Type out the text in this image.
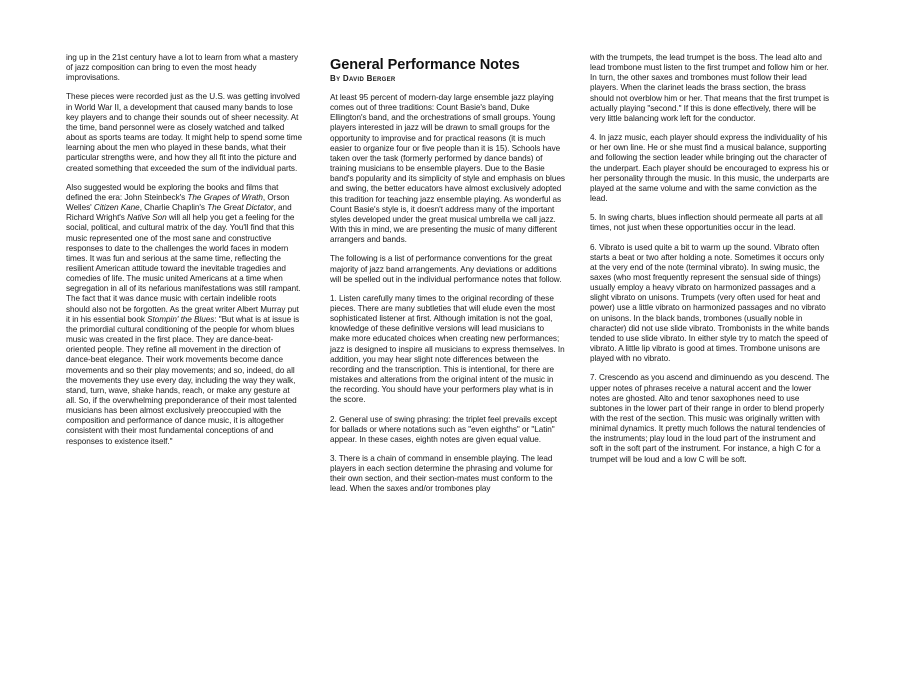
ing up in the 21st century have a lot to learn from what a mastery of jazz composition can bring to even the most heady improvisations.

These pieces were recorded just as the U.S. was getting involved in World War II, a development that caused many bands to lose key players and to change their sounds out of sheer necessity. At the time, band personnel were as closely watched and talked about as sports teams are today. It might help to spend some time learning about the men who played in these bands, what their particular strengths were, and how they all fit into the picture and created something that exceeded the sum of the individual parts.

Also suggested would be exploring the books and films that defined the era: John Steinbeck's The Grapes of Wrath, Orson Welles' Citizen Kane, Charlie Chaplin's The Great Dictator, and Richard Wright's Native Son will all help you get a feeling for the social, political, and cultural matrix of the day. You'll find that this music represented one of the most sane and constructive responses to date to the challenges the world faces in modern times. It was fun and serious at the same time, reflecting the resilient American attitude toward the inevitable tragedies and comedies of life. The music united Americans at a time when segregation in all of its nefarious manifestations was still rampant. The fact that it was dance music with certain indelible roots should also not be forgotten. As the great writer Albert Murray put it in his essential book Stompin' the Blues: "But what is at issue is the primordial cultural conditioning of the people for whom blues music was created in the first place. They are dance-beat-oriented people. They refine all movement in the direction of dance-beat elegance. Their work movements become dance movements and so their play movements; and so, indeed, do all the movements they use every day, including the way they walk, stand, turn, wave, shake hands, reach, or make any gesture at all. So, if the overwhelming preponderance of their most talented musicians has been almost exclusively preoccupied with the composition and performance of dance music, it is altogether consistent with their most fundamental conceptions of and responses to existence itself."

General Performance Notes
By David Berger

At least 95 percent of modern-day large ensemble jazz playing comes out of three traditions: Count Basie's band, Duke Ellington's band, and the orchestrations of small groups. Young players interested in jazz will be drawn to small groups for the opportunity to improvise and for practical reasons (it is much easier to organize four or five people than it is 15). Schools have taken over the task (formerly performed by dance bands) of training musicians to be ensemble players. Due to the Basie band's popularity and its simplicity of style and emphasis on blues and swing, the better educators have almost exclusively adopted this tradition for teaching jazz ensemble playing. As wonderful as Count Basie's style is, it doesn't address many of the important styles developed under the great musical umbrella we call jazz. With this in mind, we are presenting the music of many different arrangers and bands.

The following is a list of performance conventions for the great majority of jazz band arrangements. Any deviations or additions will be spelled out in the individual performance notes that follow.

1. Listen carefully many times to the original recording of these pieces. There are many subtleties that will elude even the most sophisticated listener at first. Although imitation is not the goal, knowledge of these definitive versions will lead musicians to make more educated choices when creating new performances; jazz is designed to inspire all musicians to express themselves. In addition, you may hear slight note differences between the recording and the transcription. This is intentional, for there are mistakes and alterations from the original intent of the music in the recording. You should have your performers play what is in the score.

2. General use of swing phrasing: the triplet feel prevails except for ballads or where notations such as "even eighths" or "Latin" appear. In these cases, eighth notes are given equal value.

3. There is a chain of command in ensemble playing. The lead players in each section determine the phrasing and volume for their own section, and their section-mates must conform to the lead. When the saxes and/or trombones play

with the trumpets, the lead trumpet is the boss. The lead alto and lead trombone must listen to the first trumpet and follow him or her. In turn, the other saxes and trombones must follow their lead players. When the clarinet leads the brass section, the brass should not overblow him or her. That means that the first trumpet is actually playing "second." If this is done effectively, there will be very little balancing work left for the conductor.

4. In jazz music, each player should express the individuality of his or her own line. He or she must find a musical balance, supporting and following the section leader while bringing out the character of the underpart. Each player should be encouraged to express his or her personality through the music. In this music, the underparts are played at the same volume and with the same conviction as the lead.

5. In swing charts, blues inflection should permeate all parts at all times, not just when these opportunities occur in the lead.

6. Vibrato is used quite a bit to warm up the sound. Vibrato often starts a beat or two after holding a note. Sometimes it occurs only at the very end of the note (terminal vibrato). In swing music, the saxes (who most frequently represent the sensual side of things) usually employ a heavy vibrato on harmonized passages and a slight vibrato on unisons. Trumpets (very often used for heat and power) use a little vibrato on harmonized passages and no vibrato on unisons. In the black bands, trombones (usually noble in character) did not use slide vibrato. Trombonists in the white bands tended to use slide vibrato. In either style try to match the speed of vibrato. A little lip vibrato is good at times. Trombone unisons are played with no vibrato.

7. Crescendo as you ascend and diminuendo as you descend. The upper notes of phrases receive a natural accent and the lower notes are ghosted. Alto and tenor saxophones need to use subtones in the lower part of their range in order to blend properly with the rest of the section. This music was originally written with minimal dynamics. It pretty much follows the natural tendencies of the instruments; play loud in the loud part of the instrument and soft in the soft part of the instrument. For instance, a high C for a trumpet will be loud and a low C will be soft.
